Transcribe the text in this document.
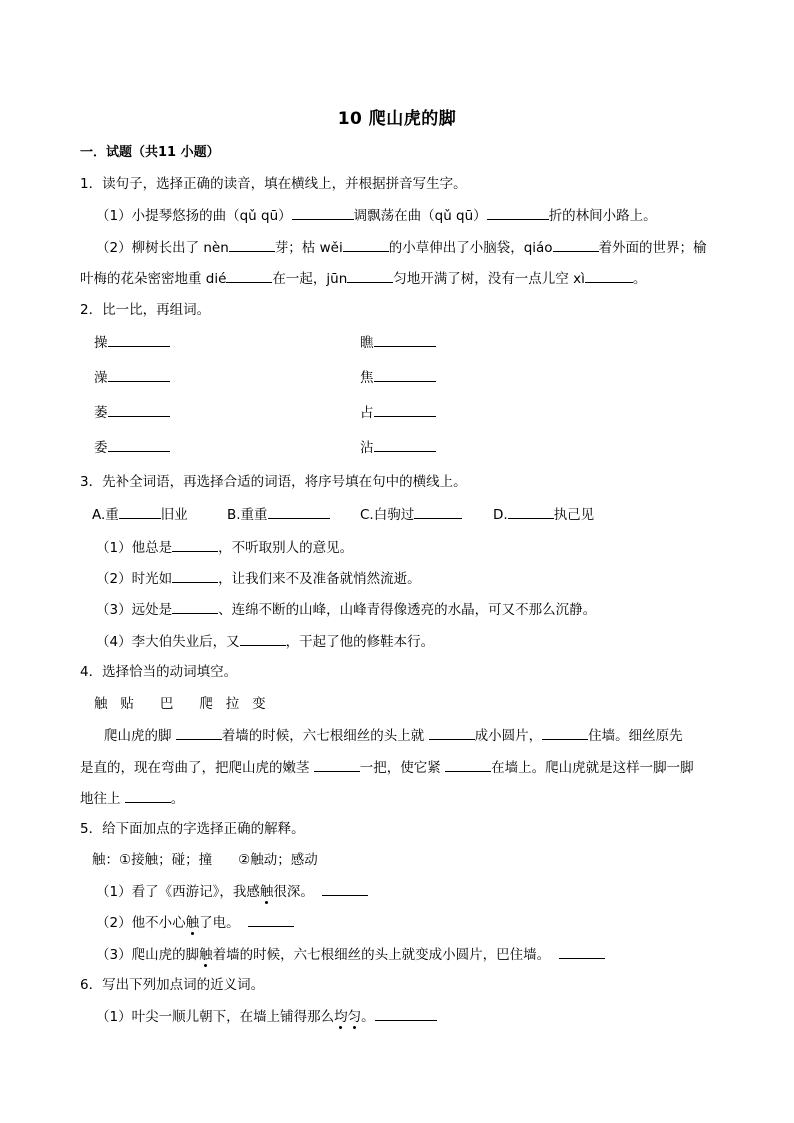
10 爬山虎的脚
一．试题（共11 小题）
1．读句子，选择正确的读音，填在横线上，并根据拼音写生字。
（1）小提琴悠扬的曲（qǔ qū）	调飘荡在曲（qǔ qū）	折的林间小路上。
（2）柳树长出了 nèn	芽；枯 wěi	的小草伸出了小脑袋，qiáo	着外面的世界；榆
叶梅的花朵密密地重 dié	在一起，jūn	匀地开满了树，没有一点儿空 xì	。
2．比一比，再组词。
操	瞧
澡	焦
萎	占
委	沾
3．先补全词语，再选择合适的词语，将序号填在句中的横线上。
A.重	旧业	B.重重	C.白驹过	D.	执己见
（1）他总是	，不听取别人的意见。
（2）时光如	，让我们来不及准备就悄然流逝。
（3）远处是	、连绵不断的山峰，山峰青得像透亮的水晶，可又不那么沉静。
（4）李大伯失业后，又	，干起了他的修鞋本行。
4．选择恰当的动词填空。
触 贴 巴 爬 拉 变
爬山虎的脚	着墙的时候，六七根细丝的头上就	成小圆片，	住墙。细丝原先
是直的，现在弯曲了，把爬山虎的嫩茎	一把，使它紧	在墙上。爬山虎就是这样一脚一脚
地往上	。
5．给下面加点的字选择正确的解释。
触：①接触；碰；撞 ②触动；感动
（1）看了《西游记》，我感触很深。
（2）他不小心触了电。
（3）爬山虎的脚触着墙的时候，六七根细丝的头上就变成小圆片，巴住墙。
6．写出下列加点词的近义词。
（1）叶尖一顺儿朝下，在墙上铺得那么均匀。
